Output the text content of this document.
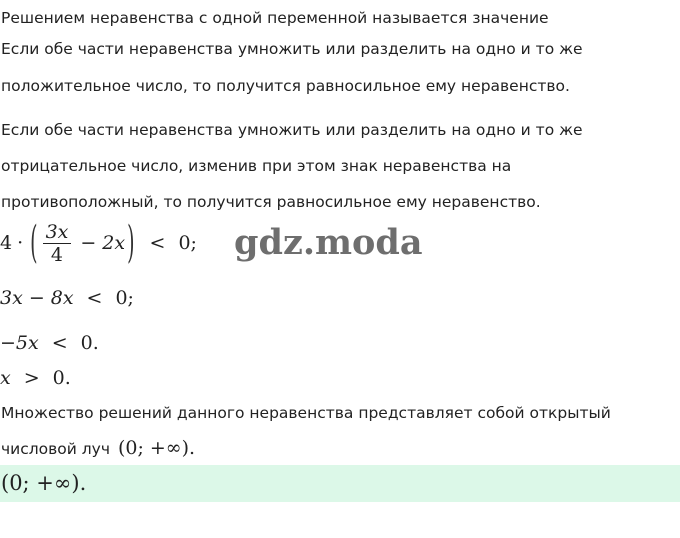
Решением неравенства с одной переменной называется значение
Если обе части неравенства умножить или разделить на одно и то же
положительное число, то получится равносильное ему неравенство.
Если обе части неравенства умножить или разделить на одно и то же
отрицательное число, изменив при этом знак неравенства на
противоположный, то получится равносильное ему неравенство.
4 · ( $\frac{3x}{4} - 2x$ ) < 0; gdz.moda
3x − 8x < 0;
−5x < 0.
x > 0.
Множество решений данного неравенства представляет собой открытый
числовой луч (0; +∞).
(0; +∞).
